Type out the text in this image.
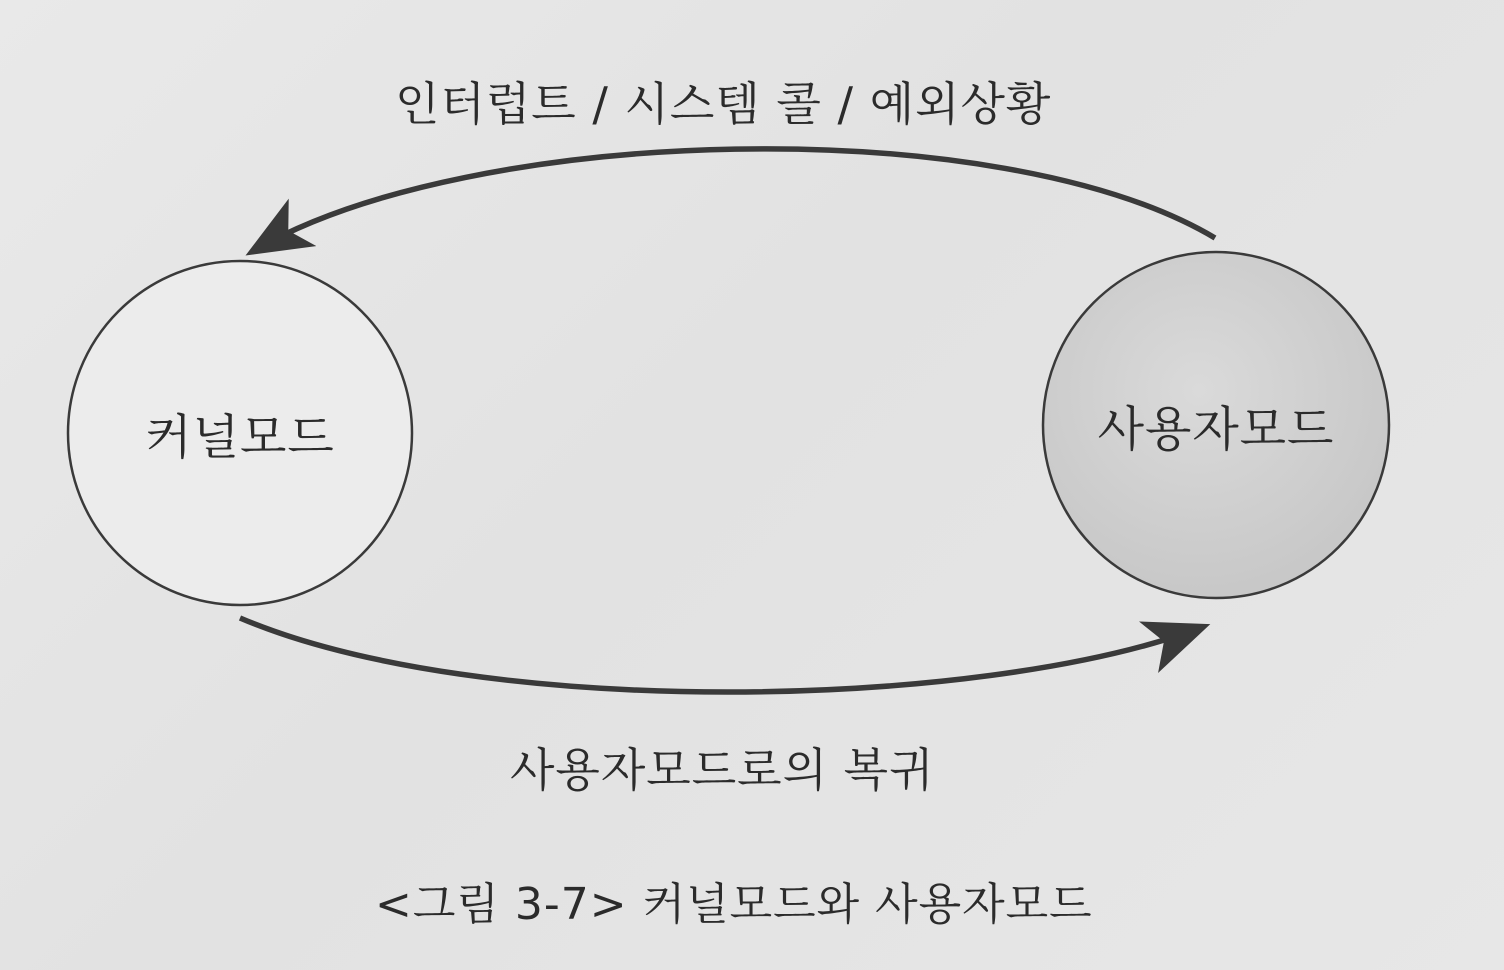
인터럽트 / 시스템 콜 / 예외상황
커널모드	사용자모드
사용자모드로의 복귀
<그림 3-7> 커널모드와 사용자모드
